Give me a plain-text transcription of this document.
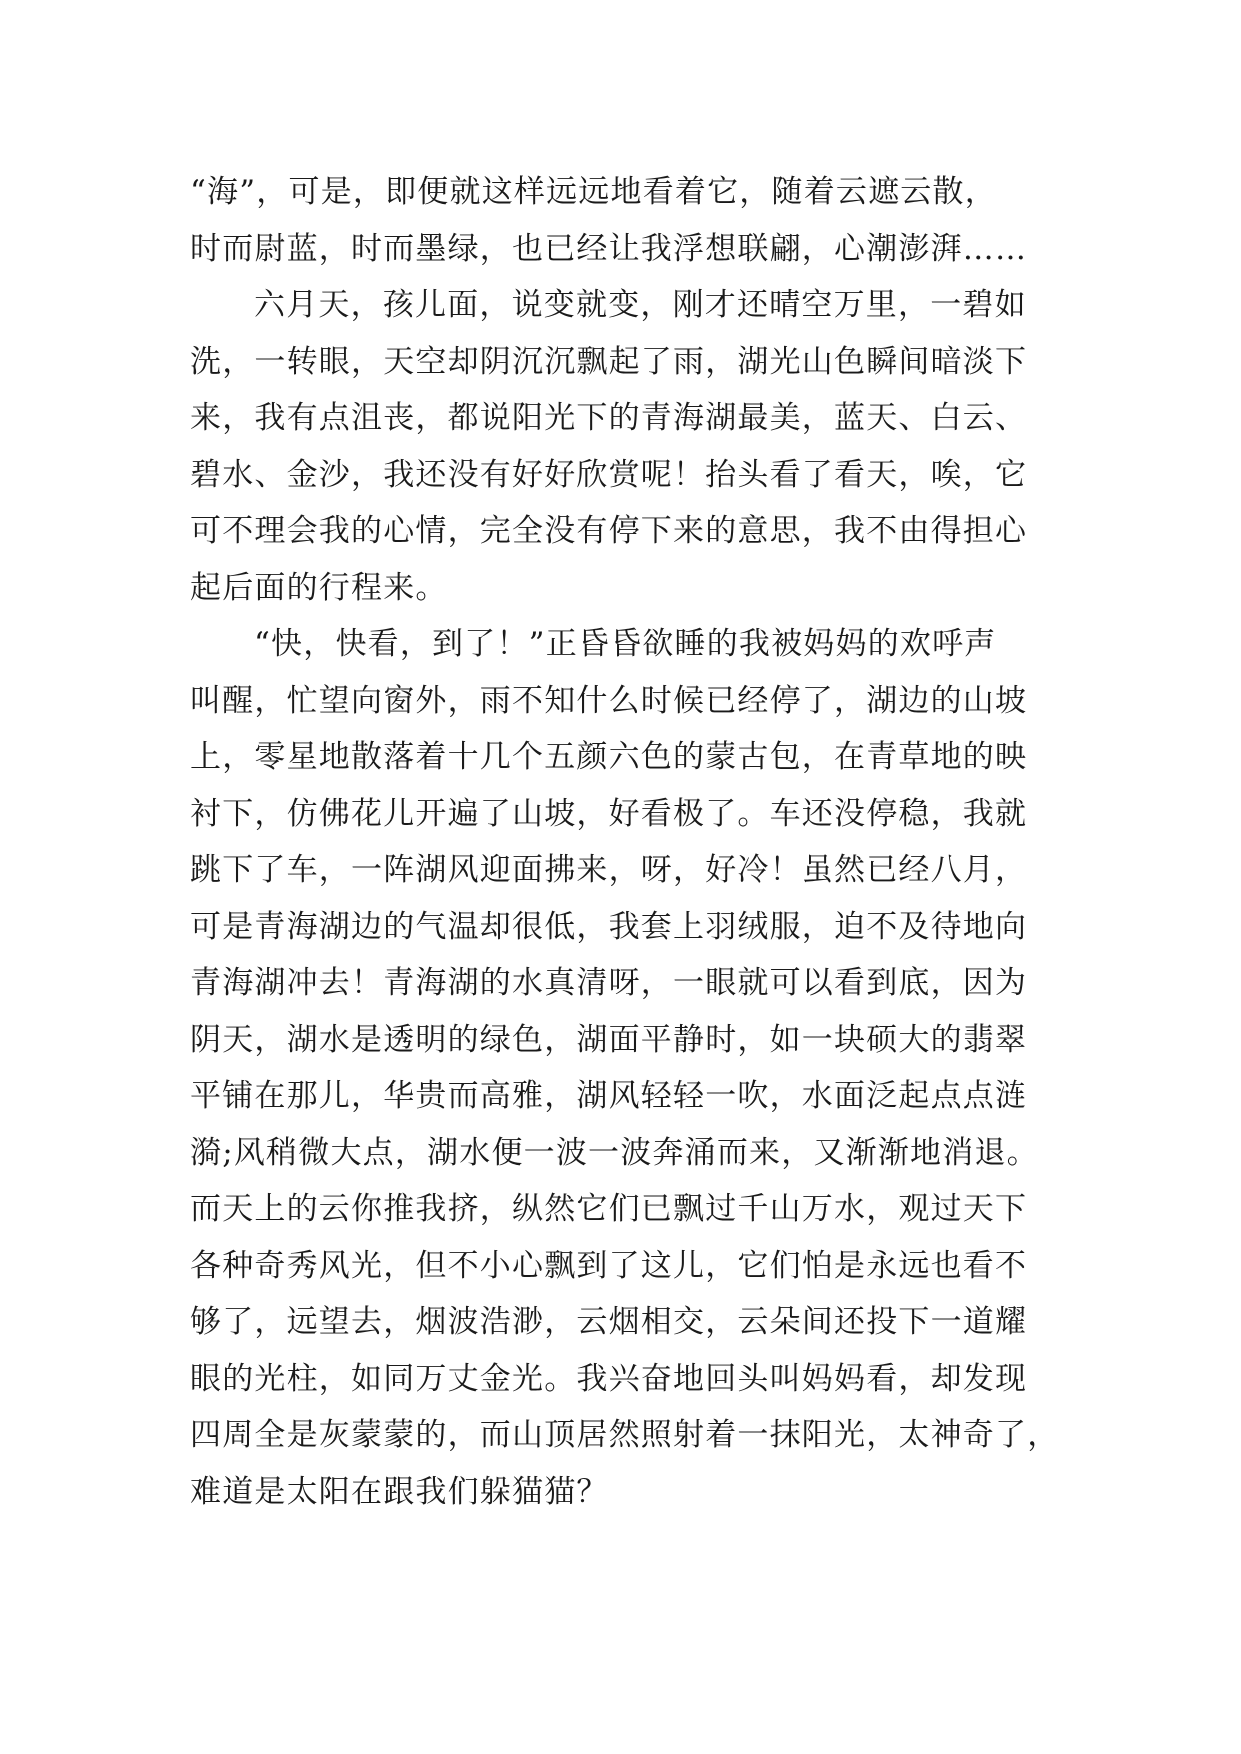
“海”，可是，即便就这样远远地看着它，随着云遮云散，
时而尉蓝，时而墨绿，也已经让我浮想联翩，心潮澎湃……
六月天，孩儿面，说变就变，刚才还晴空万里，一碧如
洗，一转眼，天空却阴沉沉飘起了雨，湖光山色瞬间暗淡下
来，我有点沮丧，都说阳光下的青海湖最美，蓝天、白云、
碧水、金沙，我还没有好好欣赏呢！抬头看了看天，唉，它
可不理会我的心情，完全没有停下来的意思，我不由得担心
起后面的行程来。
“快，快看，到了！”正昏昏欲睡的我被妈妈的欢呼声
叫醒，忙望向窗外，雨不知什么时候已经停了，湖边的山坡
上，零星地散落着十几个五颜六色的蒙古包，在青草地的映
衬下，仿佛花儿开遍了山坡，好看极了。车还没停稳，我就
跳下了车，一阵湖风迎面拂来，呀，好冷！虽然已经八月，
可是青海湖边的气温却很低，我套上羽绒服，迫不及待地向
青海湖冲去！青海湖的水真清呀，一眼就可以看到底，因为
阴天，湖水是透明的绿色，湖面平静时，如一块硕大的翡翠
平铺在那儿，华贵而高雅，湖风轻轻一吹，水面泛起点点涟
漪;风稍微大点，湖水便一波一波奔涌而来，又渐渐地消退。
而天上的云你推我挤，纵然它们已飘过千山万水，观过天下
各种奇秀风光，但不小心飘到了这儿，它们怕是永远也看不
够了，远望去，烟波浩渺，云烟相交，云朵间还投下一道耀
眼的光柱，如同万丈金光。我兴奋地回头叫妈妈看，却发现
四周全是灰蒙蒙的，而山顶居然照射着一抹阳光，太神奇了，
难道是太阳在跟我们躲猫猫？
